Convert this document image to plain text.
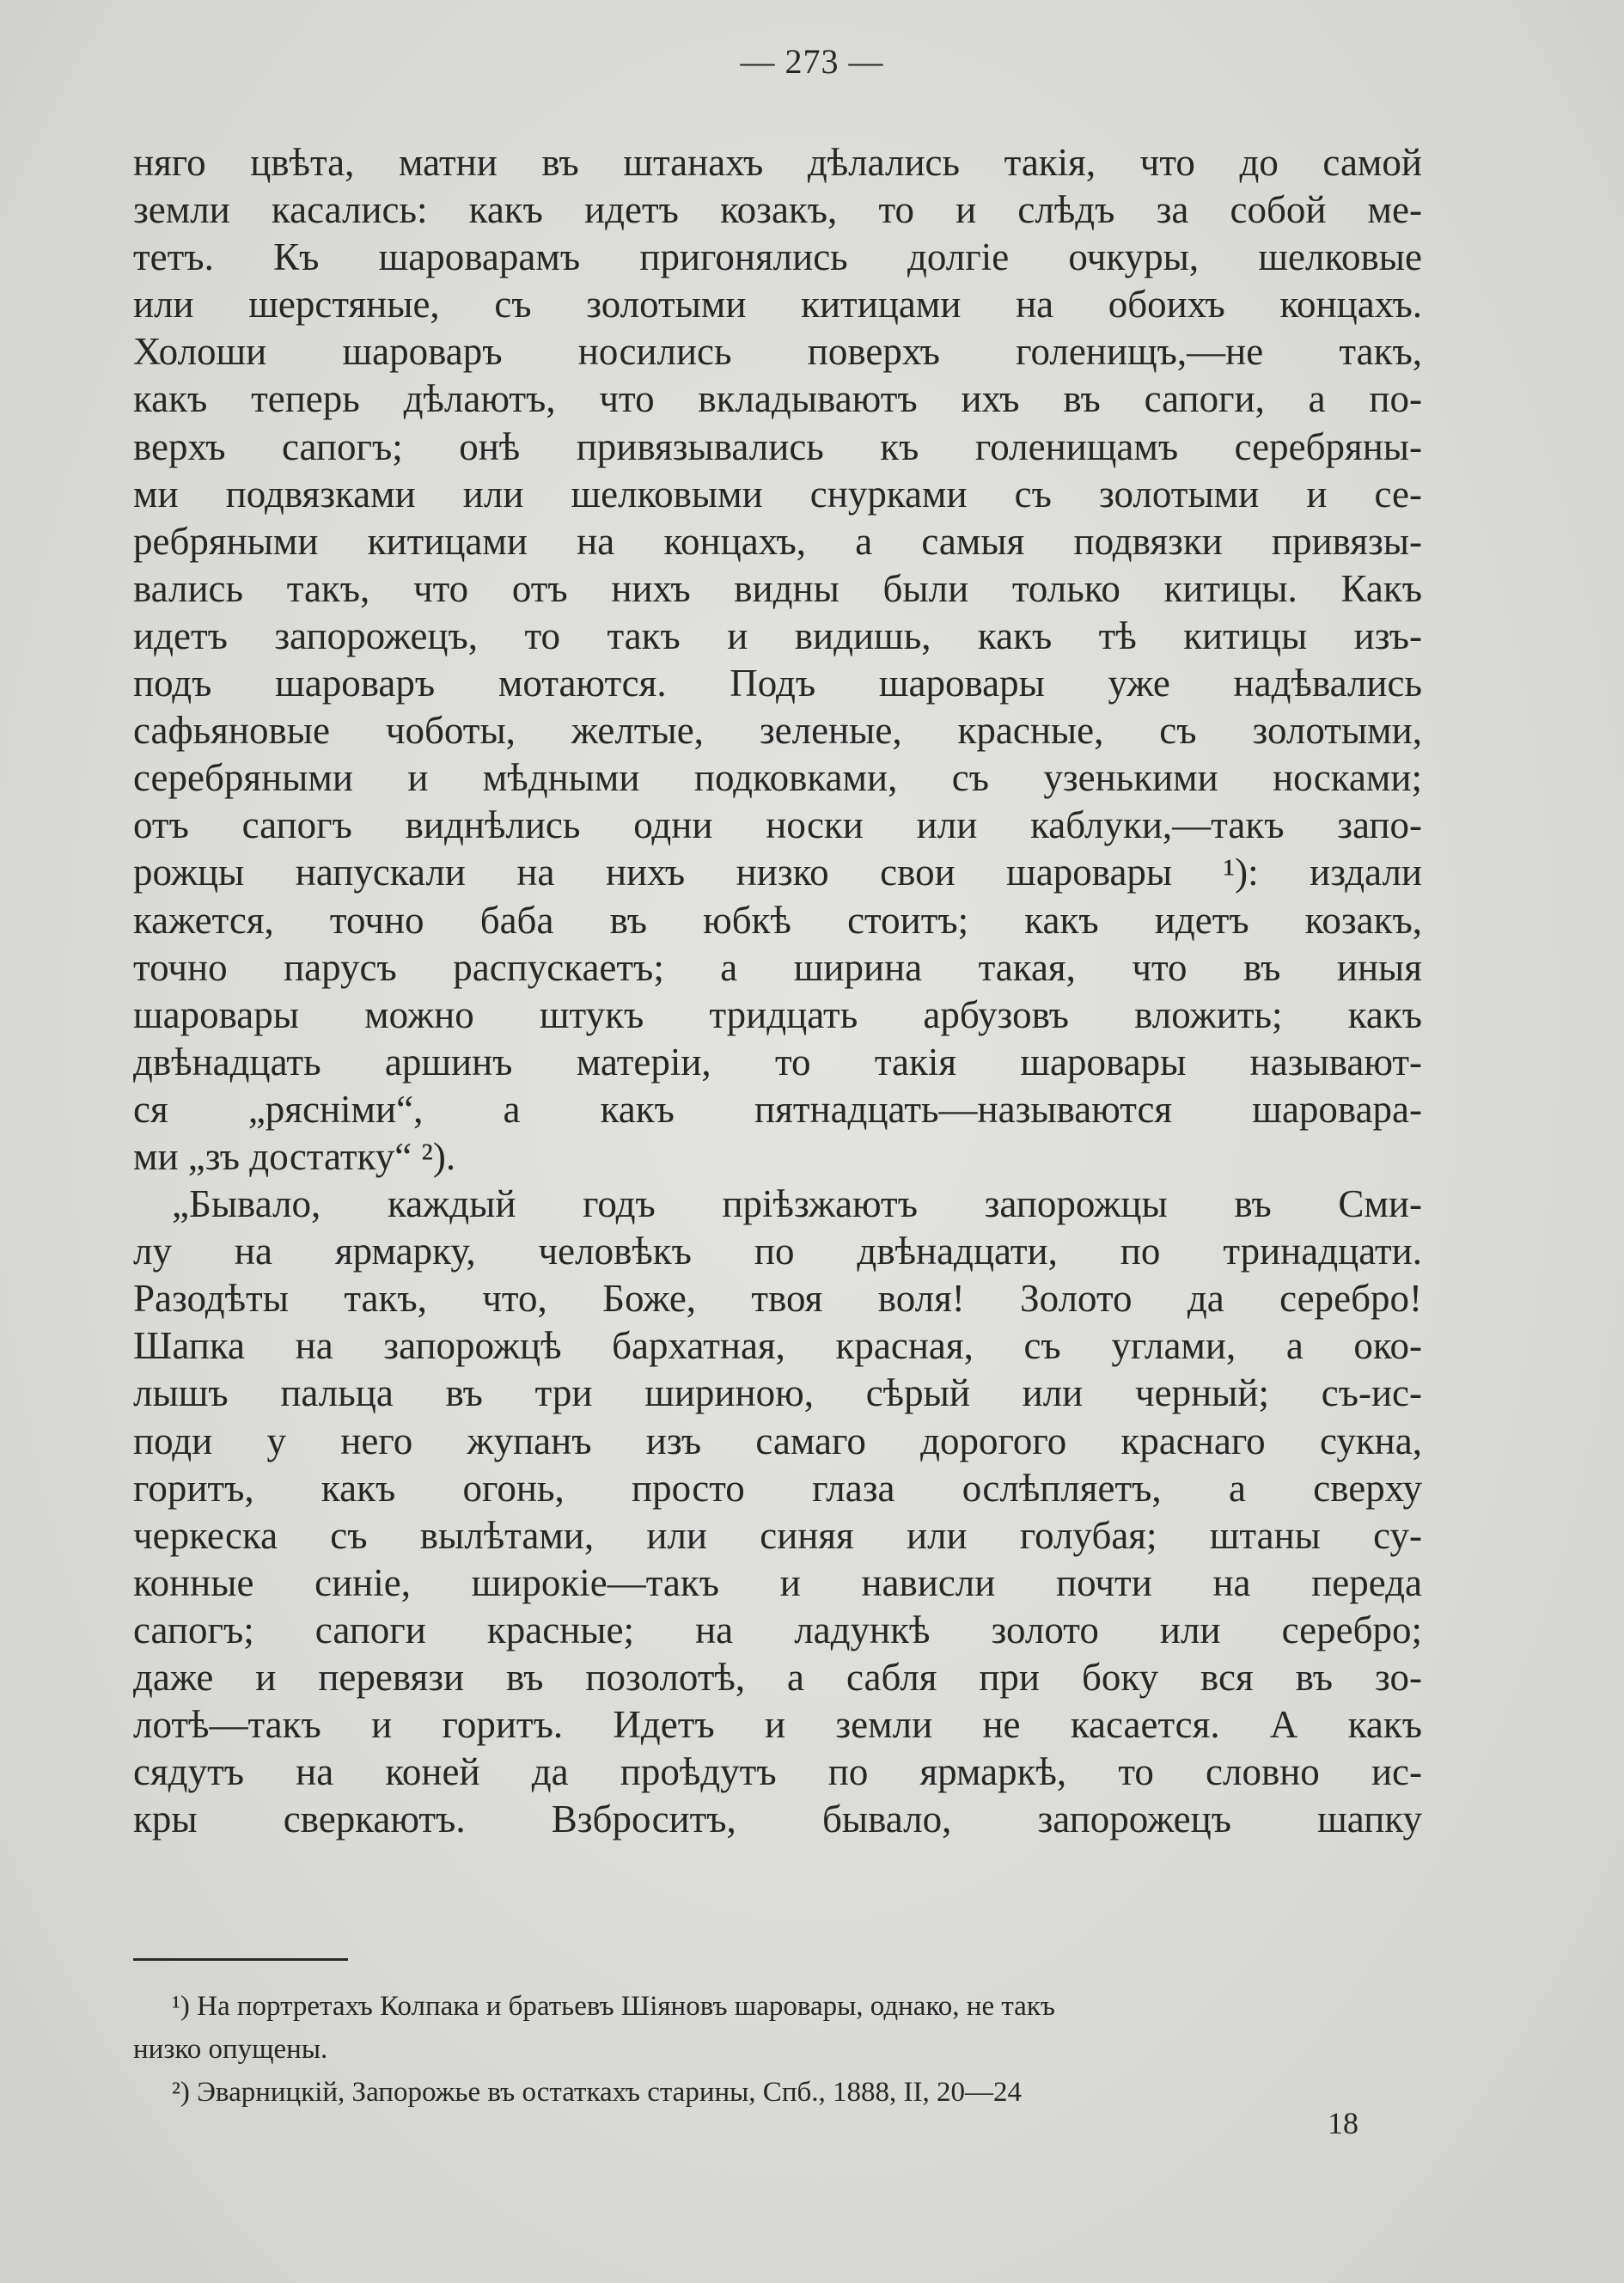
— 273 —
няго цвѣта, матни въ штанахъ дѣлались такія, что до самой
земли касались: какъ идетъ козакъ, то и слѣдъ за собой ме-
тетъ. Къ шароварамъ пригонялись долгіе очкуры, шелковые
или шерстяные, съ золотыми китицами на обоихъ концахъ.
Холоши шароваръ носились поверхъ голенищъ,—не такъ,
какъ теперь дѣлаютъ, что вкладываютъ ихъ въ сапоги, а по-
верхъ сапогъ; онѣ привязывались къ голенищамъ серебряны-
ми подвязками или шелковыми снурками съ золотыми и се-
ребряными китицами на концахъ, а самыя подвязки привязы-
вались такъ, что отъ нихъ видны были только китицы. Какъ
идетъ запорожецъ, то такъ и видишь, какъ тѣ китицы изъ-
подъ шароваръ мотаются. Подъ шаровары уже надѣвались
сафьяновые чоботы, желтые, зеленые, красные, съ золотыми,
серебряными и мѣдными подковками, съ узенькими носками;
отъ сапогъ виднѣлись одни носки или каблуки,—такъ запо-
рожцы напускали на нихъ низко свои шаровары ¹): издали
кажется, точно баба въ юбкѣ стоитъ; какъ идетъ козакъ,
точно парусъ распускаетъ; а ширина такая, что въ иныя
шаровары можно штукъ тридцать арбузовъ вложить; какъ
двѣнадцать аршинъ матеріи, то такія шаровары называют-
ся „рясніми“, а какъ пятнадцать—называются шаровара-
ми „зъ достатку“ ²).
„Бывало, каждый годъ пріѣзжаютъ запорожцы въ Сми-
лу на ярмарку, человѣкъ по двѣнадцати, по тринадцати.
Разодѣты такъ, что, Боже, твоя воля! Золото да серебро!
Шапка на запорожцѣ бархатная, красная, съ углами, а око-
лышъ пальца въ три шириною, сѣрый или черный; съ-ис-
поди у него жупанъ изъ самаго дорогого краснаго сукна,
горитъ, какъ огонь, просто глаза ослѣпляетъ, а сверху
черкеска съ вылѣтами, или синяя или голубая; штаны су-
конные синіе, широкіе—такъ и нависли почти на переда
сапогъ; сапоги красные; на ладункѣ золото или серебро;
даже и перевязи въ позолотѣ, а сабля при боку вся въ зо-
лотѣ—такъ и горитъ. Идетъ и земли не касается. А какъ
сядутъ на коней да проѣдутъ по ярмаркѣ, то словно ис-
кры сверкаютъ. Взброситъ, бывало, запорожецъ шапку
¹) На портретахъ Колпака и братьевъ Шіяновъ шаровары, однако, не такъ
низко опущены.
²) Эварницкій, Запорожье въ остаткахъ старины, Спб., 1888, II, 20—24
18
